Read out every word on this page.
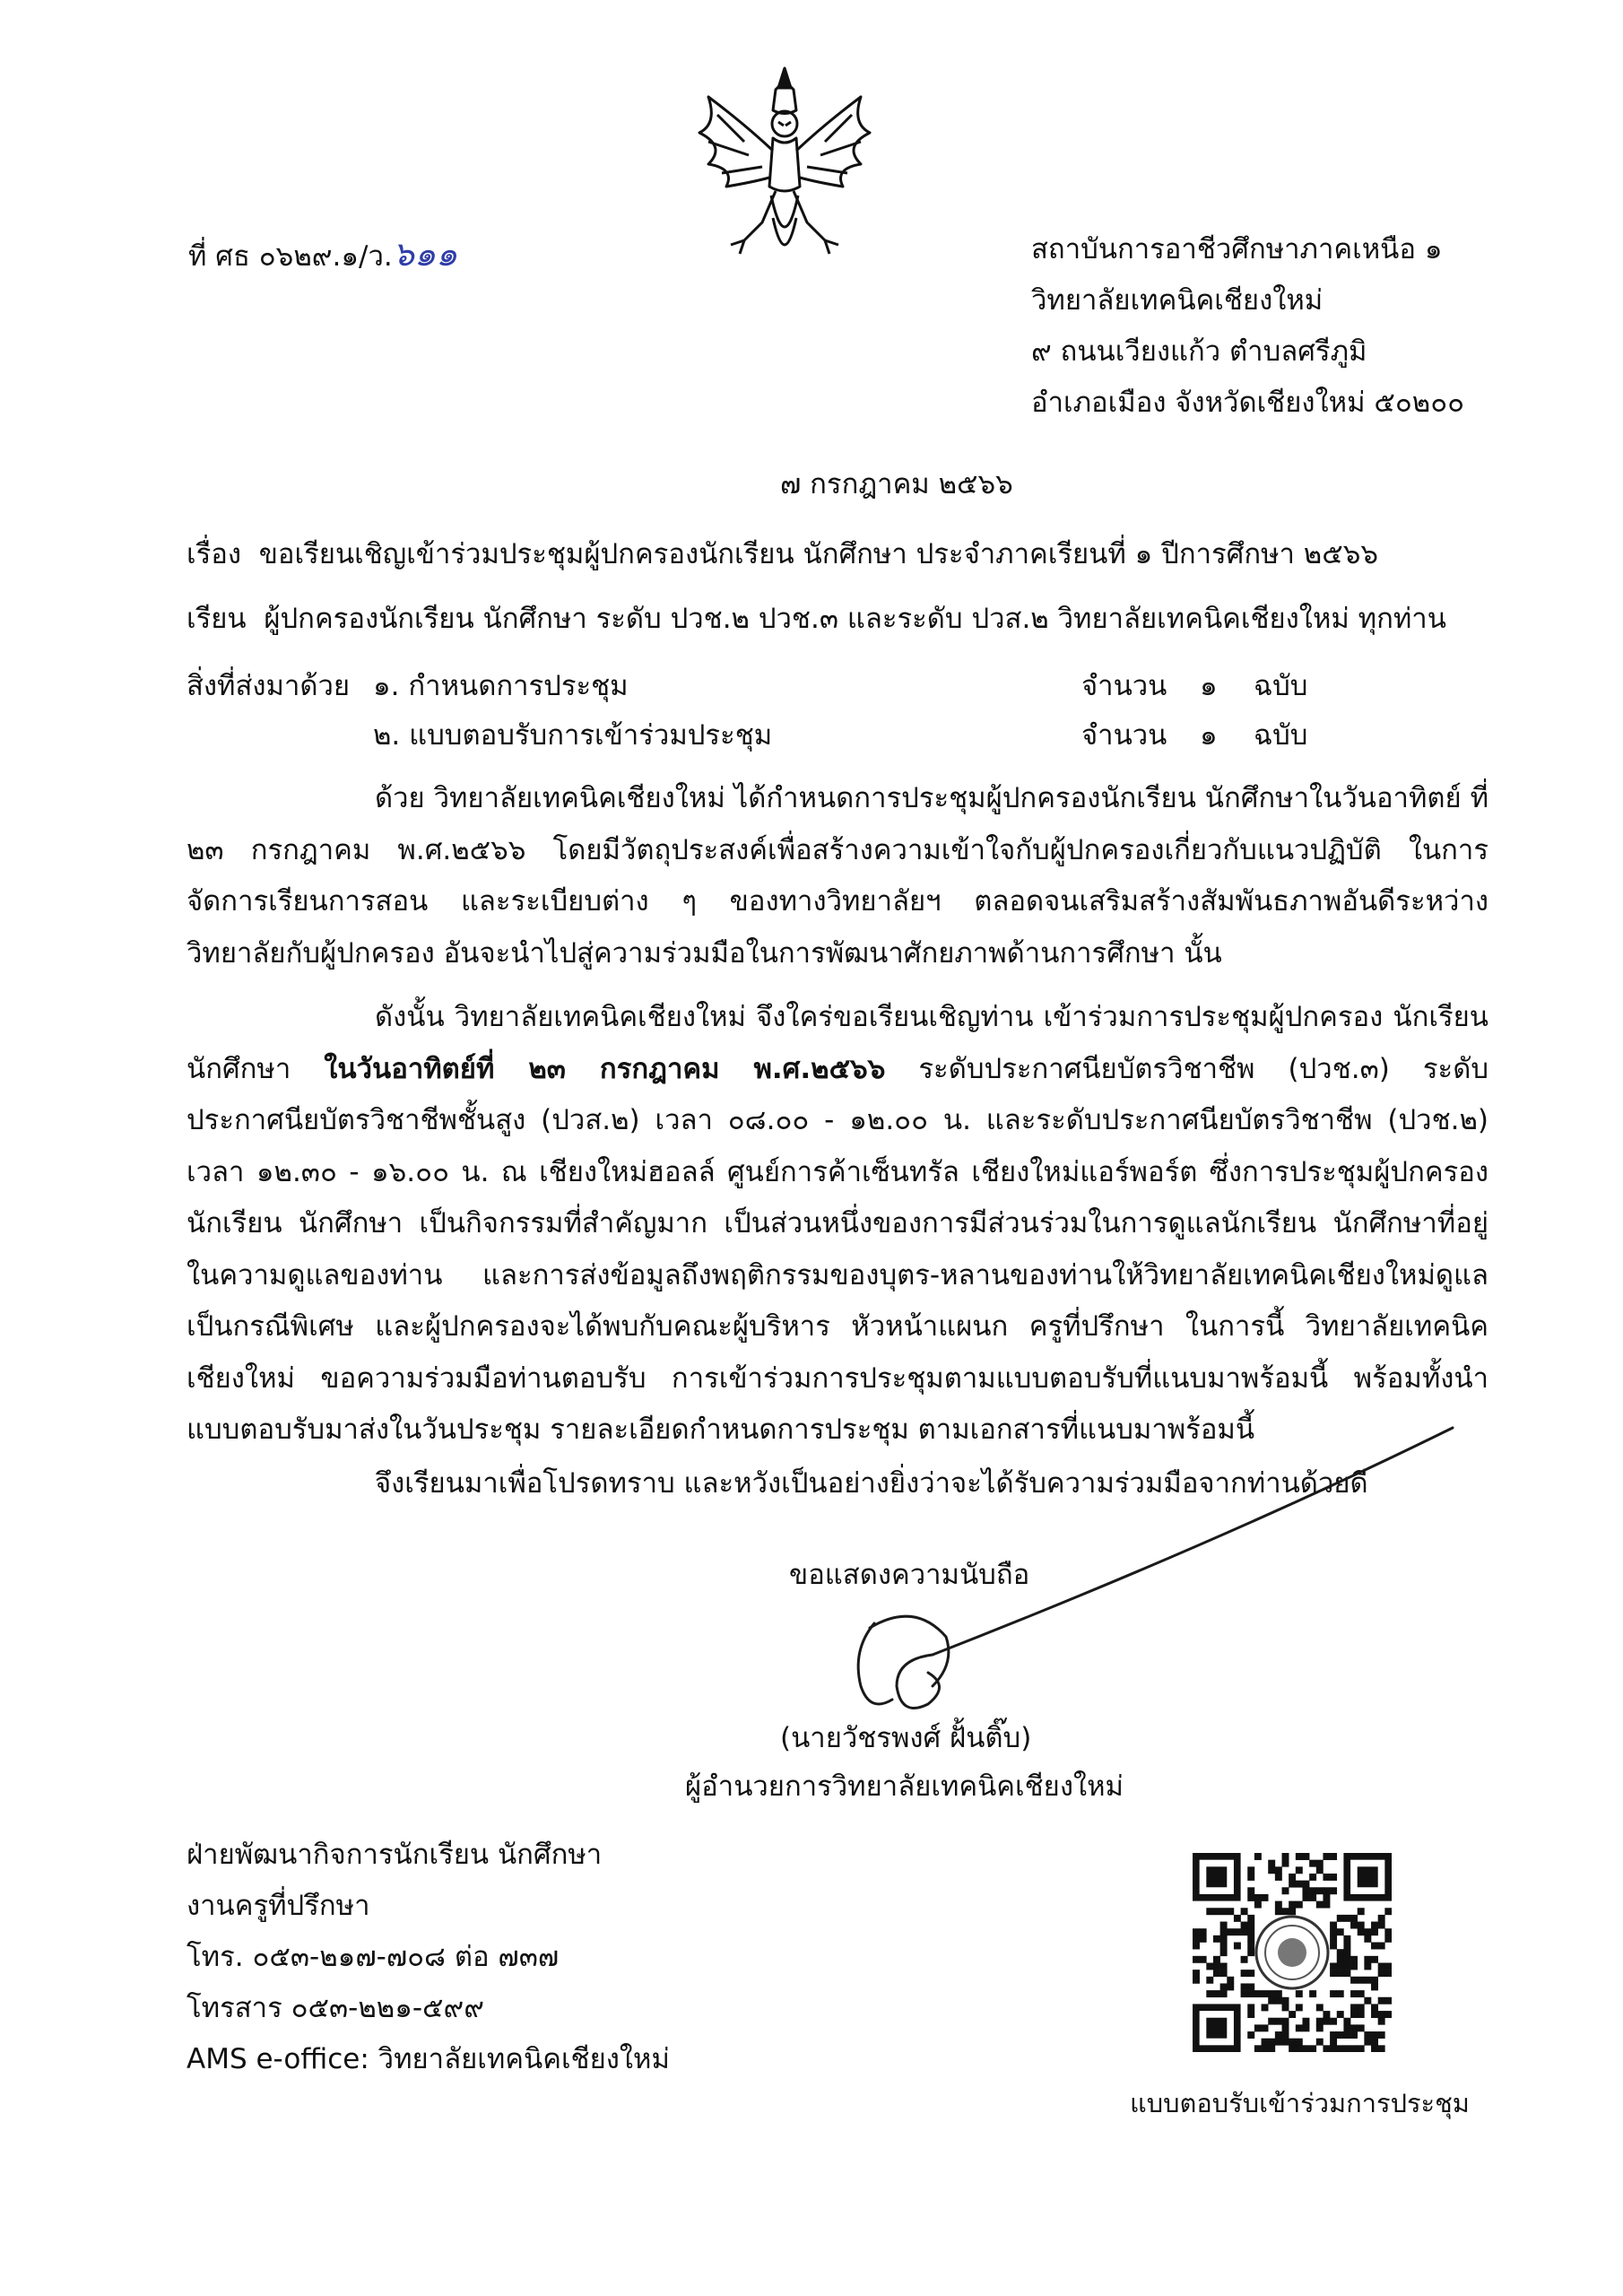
ที่ ศธ ๐๖๒๙.๑/ว.๖๑๑	สถาบันการอาชีวศึกษาภาคเหนือ ๑
วิทยาลัยเทคนิคเชียงใหม่
๙ ถนนเวียงแก้ว ตำบลศรีภูมิ
อำเภอเมือง จังหวัดเชียงใหม่ ๕๐๒๐๐
๗ กรกฎาคม ๒๕๖๖
เรื่อง ขอเรียนเชิญเข้าร่วมประชุมผู้ปกครองนักเรียน นักศึกษา ประจำภาคเรียนที่ ๑ ปีการศึกษา ๒๕๖๖
เรียน ผู้ปกครองนักเรียน นักศึกษา ระดับ ปวช.๒ ปวช.๓ และระดับ ปวส.๒ วิทยาลัยเทคนิคเชียงใหม่ ทุกท่าน
สิ่งที่ส่งมาด้วย ๑. กำหนดการประชุม	จำนวน ๑ ฉบับ
๒. แบบตอบรับการเข้าร่วมประชุม	จำนวน ๑ ฉบับ
ด้วย วิทยาลัยเทคนิคเชียงใหม่ ได้กำหนดการประชุมผู้ปกครองนักเรียน นักศึกษาในวันอาทิตย์ ที่ ๒๓ กรกฎาคม พ.ศ.๒๕๖๖ โดยมีวัตถุประสงค์เพื่อสร้างความเข้าใจกับผู้ปกครองเกี่ยวกับแนวปฏิบัติ ในการจัดการเรียนการสอน และระเบียบต่าง ๆ ของทางวิทยาลัยฯ ตลอดจนเสริมสร้างสัมพันธภาพอันดีระหว่างวิทยาลัยกับผู้ปกครอง อันจะนำไปสู่ความร่วมมือในการพัฒนาศักยภาพด้านการศึกษา นั้น
ดังนั้น วิทยาลัยเทคนิคเชียงใหม่ จึงใคร่ขอเรียนเชิญท่าน เข้าร่วมการประชุมผู้ปกครอง นักเรียน นักศึกษา ในวันอาทิตย์ที่ ๒๓ กรกฎาคม พ.ศ.๒๕๖๖ ระดับประกาศนียบัตรวิชาชีพ (ปวช.๓) ระดับประกาศนียบัตรวิชาชีพชั้นสูง (ปวส.๒) เวลา ๐๘.๐๐ - ๑๒.๐๐ น. และระดับประกาศนียบัตรวิชาชีพ (ปวช.๒) เวลา ๑๒.๓๐ - ๑๖.๐๐ น. ณ เชียงใหม่ฮอลล์ ศูนย์การค้าเซ็นทรัล เชียงใหม่แอร์พอร์ต ซึ่งการประชุมผู้ปกครองนักเรียน นักศึกษา เป็นกิจกรรมที่สำคัญมาก เป็นส่วนหนึ่งของการมีส่วนร่วมในการดูแลนักเรียน นักศึกษาที่อยู่ในความดูแลของท่าน และการส่งข้อมูลถึงพฤติกรรมของบุตร-หลานของท่านให้วิทยาลัยเทคนิคเชียงใหม่ดูแลเป็นกรณีพิเศษ และผู้ปกครองจะได้พบกับคณะผู้บริหาร หัวหน้าแผนก ครูที่ปรึกษา ในการนี้ วิทยาลัยเทคนิคเชียงใหม่ ขอความร่วมมือท่านตอบรับ การเข้าร่วมการประชุมตามแบบตอบรับที่แนบมาพร้อมนี้ พร้อมทั้งนำแบบตอบรับมาส่งในวันประชุม รายละเอียดกำหนดการประชุม ตามเอกสารที่แนบมาพร้อมนี้
จึงเรียนมาเพื่อโปรดทราบ และหวังเป็นอย่างยิ่งว่าจะได้รับความร่วมมือจากท่านด้วยดี
ขอแสดงความนับถือ
(นายวัชรพงศ์ ฝั้นติ๊บ)
ผู้อำนวยการวิทยาลัยเทคนิคเชียงใหม่
ฝ่ายพัฒนากิจการนักเรียน นักศึกษา
งานครูที่ปรึกษา
โทร. ๐๕๓-๒๑๗-๗๐๘ ต่อ ๗๓๗
โทรสาร ๐๕๓-๒๒๑-๕๙๙
AMS e-office: วิทยาลัยเทคนิคเชียงใหม่
แบบตอบรับเข้าร่วมการประชุม
